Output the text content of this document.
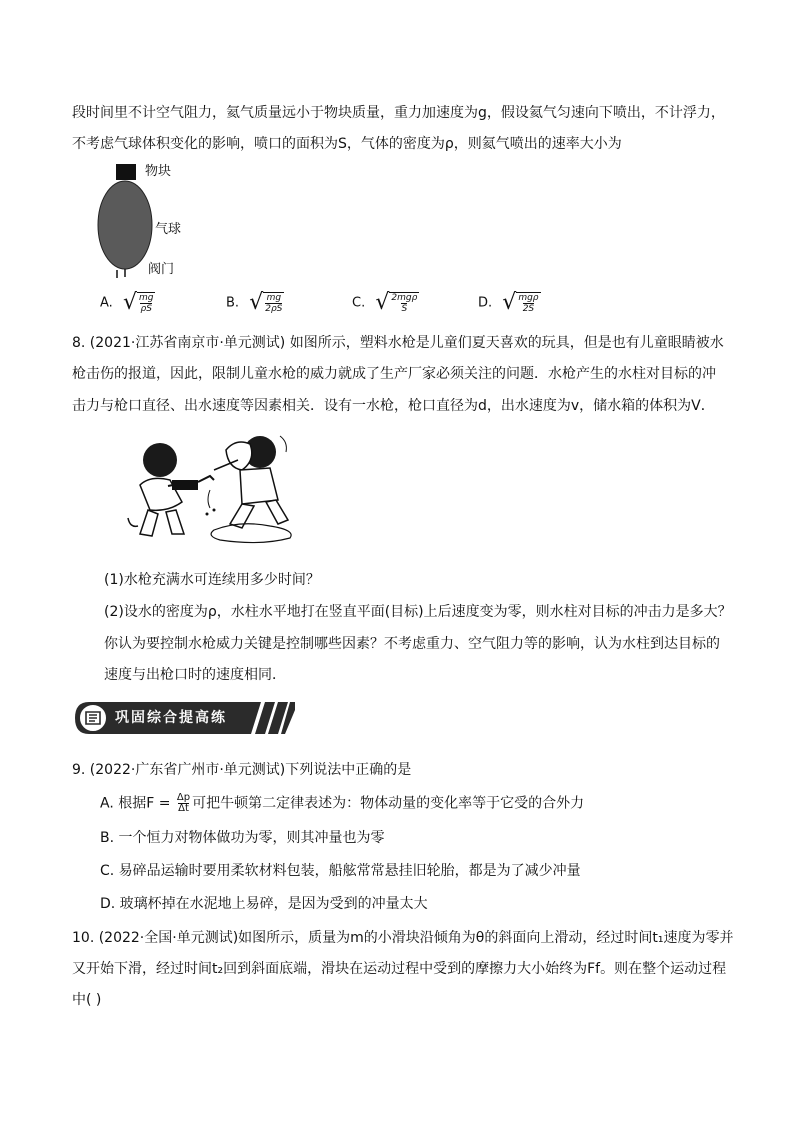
段时间里不计空气阻力，氦气质量远小于物块质量，重力加速度为g，假设氦气匀速向下喷出，不计浮力，
不考虑气球体积变化的影响，喷口的面积为S，气体的密度为ρ，则氦气喷出的速率大小为
物块
气球
阀门
A. √ mg
ρS	B. √ mg
2ρS	C. √ 2mgρ
S	D. √ mgρ
2S
8. (2021·江苏省南京市·单元测试) 如图所示，塑料水枪是儿童们夏天喜欢的玩具，但是也有儿童眼睛被水
枪击伤的报道，因此，限制儿童水枪的威力就成了生产厂家必须关注的问题．水枪产生的水柱对目标的冲
击力与枪口直径、出水速度等因素相关．设有一水枪，枪口直径为d，出水速度为v，储水箱的体积为V．
(1)水枪充满水可连续用多少时间？
(2)设水的密度为ρ，水柱水平地打在竖直平面(目标)上后速度变为零，则水柱对目标的冲击力是多大？
你认为要控制水枪威力关键是控制哪些因素？不考虑重力、空气阻力等的影响，认为水柱到达目标的
速度与出枪口时的速度相同．
巩固综合提高练
9. (2022·广东省广州市·单元测试)下列说法中正确的是
A. 根据$F = \frac{\Delta p}{\Delta t}$ 可把牛顿第二定律表述为：物体动量的变化率等于它受的合外力
B. 一个恒力对物体做功为零，则其冲量也为零
C. 易碎品运输时要用柔软材料包装，船舷常常悬挂旧轮胎，都是为了减少冲量
D. 玻璃杯掉在水泥地上易碎，是因为受到的冲量太大
10. (2022·全国·单元测试)如图所示，质量为m的小滑块沿倾角为θ的斜面向上滑动，经过时间t₁速度为零并
又开始下滑，经过时间t₂回到斜面底端，滑块在运动过程中受到的摩擦力大小始终为Ff。则在整个运动过程
中( )
